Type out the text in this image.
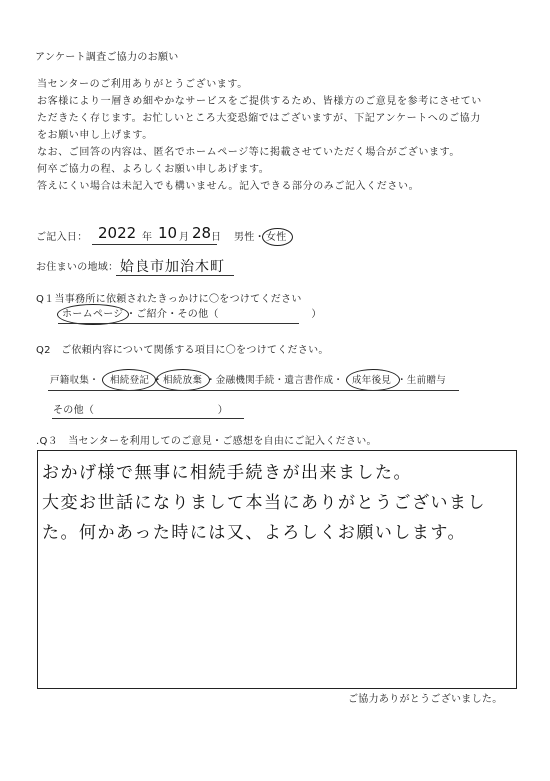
アンケート調査ご協力のお願い
当センターのご利用ありがとうございます。
お客様により一層きめ細やかなサービスをご提供するため、皆様方のご意見を参考にさせてい
ただきたく存じます。お忙しいところ大変恐縮ではございますが、下記アンケートへのご協力
をお願い申し上げます。
なお、ご回答の内容は、匿名でホームページ等に掲載させていただく場合がございます。
何卒ご協力の程、よろしくお願い申しあげます。
答えにくい場合は未記入でも構いません。記入できる部分のみご記入ください。
ご記入日： 2022 年 10 月 28 日 男性・ 女性
お住まいの地域： 姶良市加治木町
Q１当事務所に依頼されたきっかけに〇をつけてください
ホームページ ・ご紹介・その他（　　　　　　　　　）
Q2　ご依頼内容について関係する項目に〇をつけてください。
戸籍収集・ 相続登記 ・ 相続放棄 ・金融機関手続・遺言書作成・ 成年後見 ・生前贈与
その他（　　　　　　　　　　　　）
.Q３　当センターを利用してのご意見・ご感想を自由にご記入ください。
おかげ様で無事に相続手続きが出来ました。
大変お世話になりまして本当にありがとうございまし
た。何かあった時には又、よろしくお願いします。
ご協力ありがとうございました。
